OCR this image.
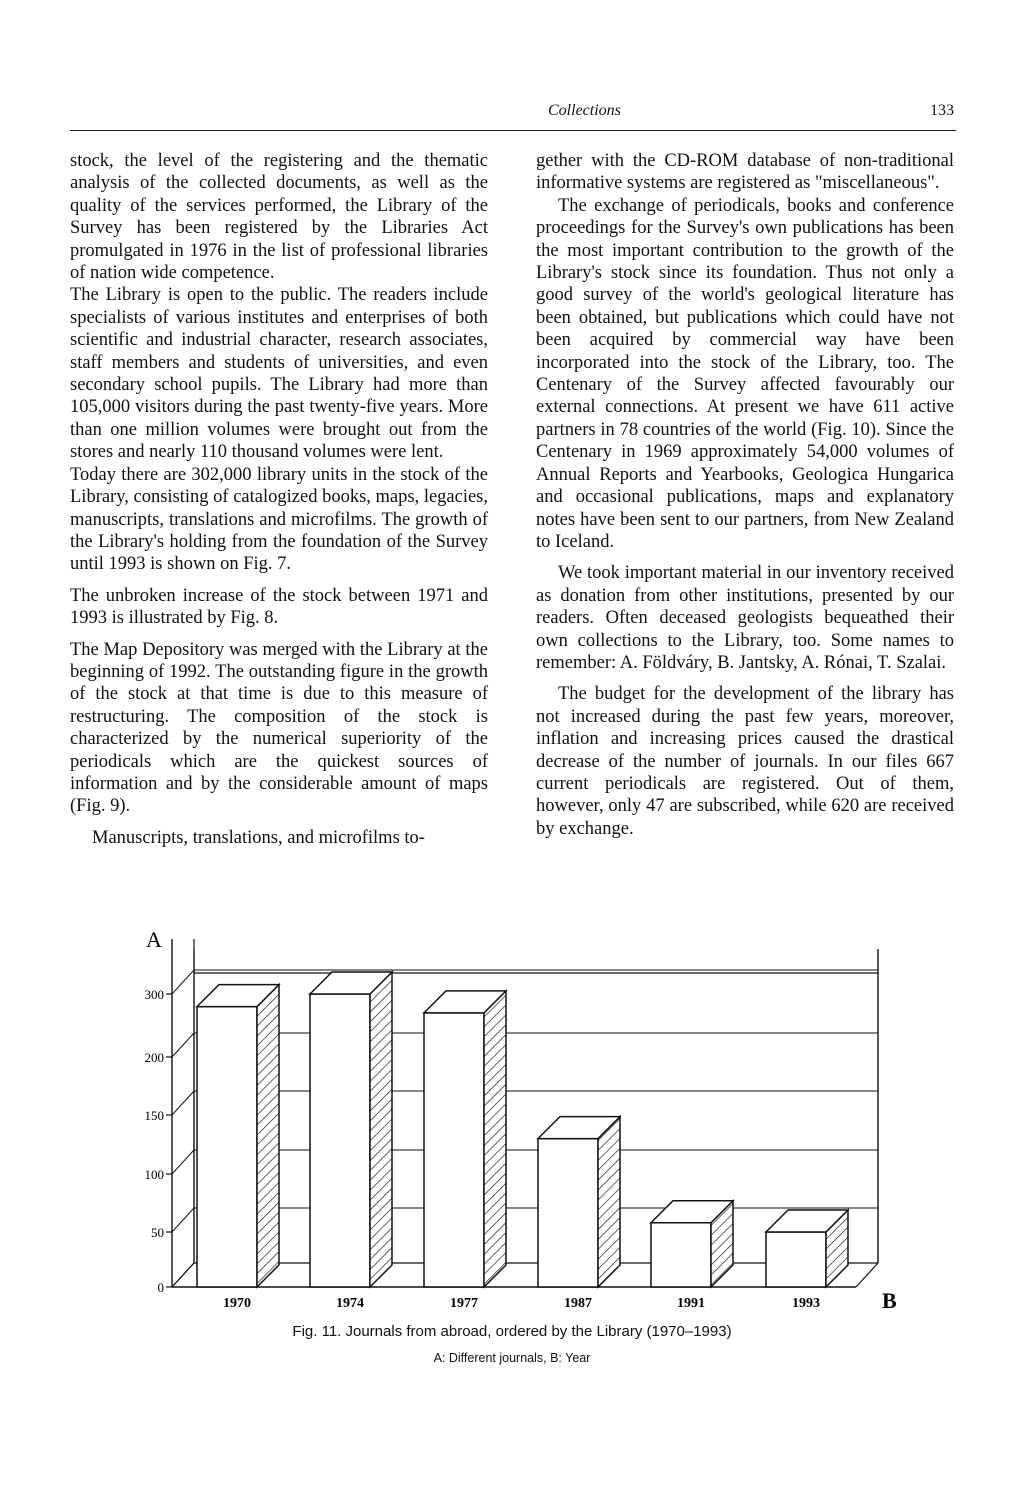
Collections	133

stock, the level of the registering and the thematic analysis of the collected documents, as well as the quality of the services performed, the Library of the Survey has been registered by the Libraries Act promulgated in 1976 in the list of professional libraries of nation wide competence.

The Library is open to the public. The readers include specialists of various institutes and enterprises of both scientific and industrial character, research associates, staff members and students of universities, and even secondary school pupils. The Library had more than 105,000 visitors during the past twenty-five years. More than one million volumes were brought out from the stores and nearly 110 thousand volumes were lent.

Today there are 302,000 library units in the stock of the Library, consisting of catalogized books, maps, legacies, manuscripts, translations and microfilms. The growth of the Library's holding from the foundation of the Survey until 1993 is shown on Fig. 7.

The unbroken increase of the stock between 1971 and 1993 is illustrated by Fig. 8.

The Map Depository was merged with the Library at the beginning of 1992. The outstanding figure in the growth of the stock at that time is due to this measure of restructuring. The composition of the stock is characterized by the numerical superiority of the periodicals which are the quickest sources of information and by the considerable amount of maps (Fig. 9).

Manuscripts, translations, and microfilms to-

gether with the CD-ROM database of non-traditional informative systems are registered as "miscellaneous".

The exchange of periodicals, books and conference proceedings for the Survey's own publications has been the most important contribution to the growth of the Library's stock since its foundation. Thus not only a good survey of the world's geological literature has been obtained, but publications which could have not been acquired by commercial way have been incorporated into the stock of the Library, too. The Centenary of the Survey affected favourably our external connections. At present we have 611 active partners in 78 countries of the world (Fig. 10). Since the Centenary in 1969 approximately 54,000 volumes of Annual Reports and Yearbooks, Geologica Hungarica and occasional publications, maps and explanatory notes have been sent to our partners, from New Zealand to Iceland.

We took important material in our inventory received as donation from other institutions, presented by our readers. Often deceased geologists bequeathed their own collections to the Library, too. Some names to remember: A. Földváry, B. Jantsky, A. Rónai, T. Szalai.

The budget for the development of the library has not increased during the past few years, moreover, inflation and increasing prices caused the drastical decrease of the number of journals. In our files 667 current periodicals are registered. Out of them, however, only 47 are subscribed, while 620 are received by exchange.

0
50
100
150
200
300
A
B
1970	1974	1977	1987	1991	1993
Fig. 11. Journals from abroad, ordered by the Library (1970–1993)
A: Different journals, B: Year
